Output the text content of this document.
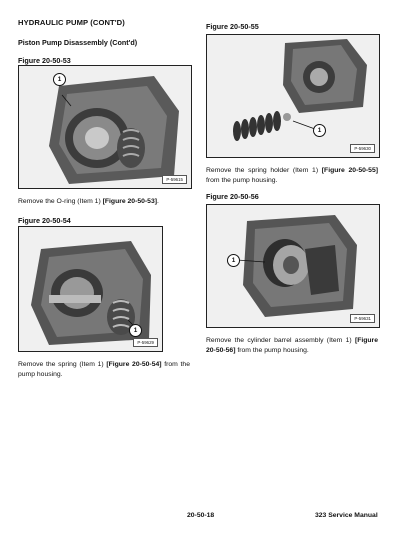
HYDRAULIC PUMP (CONT'D)
Piston Pump Disassembly (Cont'd)
Figure 20-50-53
1
P-59615
Remove the O-ring (Item 1) [Figure 20-50-53].
Figure 20-50-54
1
P-59629
Remove the spring (Item 1) [Figure 20-50-54] from the pump housing.
Figure 20-50-55
1
P-59630
Remove the spring holder (Item 1) [Figure 20-50-55] from the pump housing.
Figure 20-50-56
1
P-59631
Remove the cylinder barrel assembly (Item 1) [Figure 20-50-56] from the pump housing.
20-50-18	323 Service Manual
